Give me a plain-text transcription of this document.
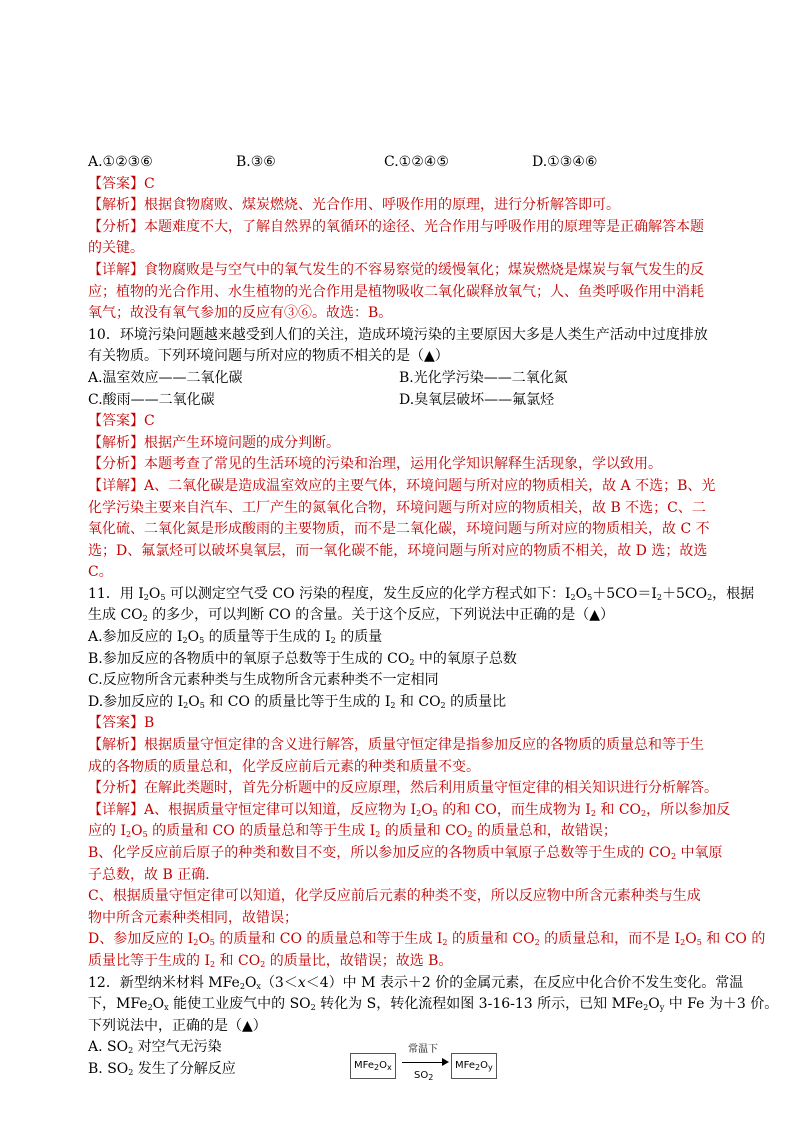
A.①②③⑥	B.③⑥	C.①②④⑤	D.①③④⑥
【答案】C
【解析】根据食物腐败、煤炭燃烧、光合作用、呼吸作用的原理，进行分析解答即可。
【分析】本题难度不大，了解自然界的氧循环的途径、光合作用与呼吸作用的原理等是正确解答本题
的关键。
【详解】食物腐败是与空气中的氧气发生的不容易察觉的缓慢氧化；煤炭燃烧是煤炭与氧气发生的反
应；植物的光合作用、水生植物的光合作用是植物吸收二氧化碳释放氧气；人、鱼类呼吸作用中消耗
氧气；故没有氧气参加的反应有③⑥。故选：B。
10．环境污染问题越来越受到人们的关注，造成环境污染的主要原因大多是人类生产活动中过度排放
有关物质。下列环境问题与所对应的物质不相关的是（▲）
A.温室效应——二氧化碳	B.光化学污染——二氧化氮
C.酸雨——二氧化碳	D.臭氧层破坏——氟氯烃
【答案】C
【解析】根据产生环境问题的成分判断。
【分析】本题考查了常见的生活环境的污染和治理，运用化学知识解释生活现象，学以致用。
【详解】A、二氧化碳是造成温室效应的主要气体，环境问题与所对应的物质相关，故 A 不选；B、光
化学污染主要来自汽车、工厂产生的氮氧化合物，环境问题与所对应的物质相关，故 B 不选；C、二
氧化硫、二氧化氮是形成酸雨的主要物质，而不是二氧化碳，环境问题与所对应的物质相关，故 C 不
选；D、氟氯烃可以破坏臭氧层，而一氧化碳不能，环境问题与所对应的物质不相关，故 D 选；故选
C。
11．用 $I_2O_5$ 可以测定空气受 CO 污染的程度，发生反应的化学方程式如下：$I_2O_5+5CO=I_2+5CO_2$，根据
生成 $CO_2$ 的多少，可以判断 CO 的含量。关于这个反应，下列说法中正确的是（▲）
A.参加反应的 $I_2O_5$ 的质量等于生成的 $I_2$ 的质量
B.参加反应的各物质中的氧原子总数等于生成的 $CO_2$ 中的氧原子总数
C.反应物所含元素种类与生成物所含元素种类不一定相同
D.参加反应的 $I_2O_5$ 和 CO 的质量比等于生成的 $I_2$ 和 $CO_2$ 的质量比
【答案】B
【解析】根据质量守恒定律的含义进行解答，质量守恒定律是指参加反应的各物质的质量总和等于生
成的各物质的质量总和，化学反应前后元素的种类和质量不变。
【分析】在解此类题时，首先分析题中的反应原理，然后利用质量守恒定律的相关知识进行分析解答。
【详解】A、根据质量守恒定律可以知道，反应物为 $I_2O_5$ 的和 CO，而生成物为 $I_2$ 和 $CO_2$，所以参加反
应的 $I_2O_5$ 的质量和 CO 的质量总和等于生成 $I_2$ 的质量和 $CO_2$ 的质量总和，故错误；
B、化学反应前后原子的种类和数目不变，所以参加反应的各物质中氧原子总数等于生成的 $CO_2$ 中氧原
子总数，故 B 正确．
C、根据质量守恒定律可以知道，化学反应前后元素的种类不变，所以反应物中所含元素种类与生成
物中所含元素种类相同，故错误；
D、参加反应的 $I_2O_5$ 的质量和 CO 的质量总和等于生成 $I_2$ 的质量和 $CO_2$ 的质量总和，而不是 $I_2O_5$ 和 CO 的
质量比等于生成的 $I_2$ 和 $CO_2$ 的质量比，故错误；故选 B。
12．新型纳米材料 $MFe_2O_x(3<x<4)$中 M 表示＋2 价的金属元素，在反应中化合价不发生变化。常温
下，$MFe_2O_x$ 能使工业废气中的 $SO_2$ 转化为 S，转化流程如图 3-16-13 所示，已知 $MFe_2O_y$ 中 Fe 为＋3 价。
下列说法中，正确的是（▲）
A. $SO_2$ 对空气无污染
B. $SO_2$ 发生了分解反应	$MFe_2O_x$
常温下
$SO_2$
$MFe_2O_y$
